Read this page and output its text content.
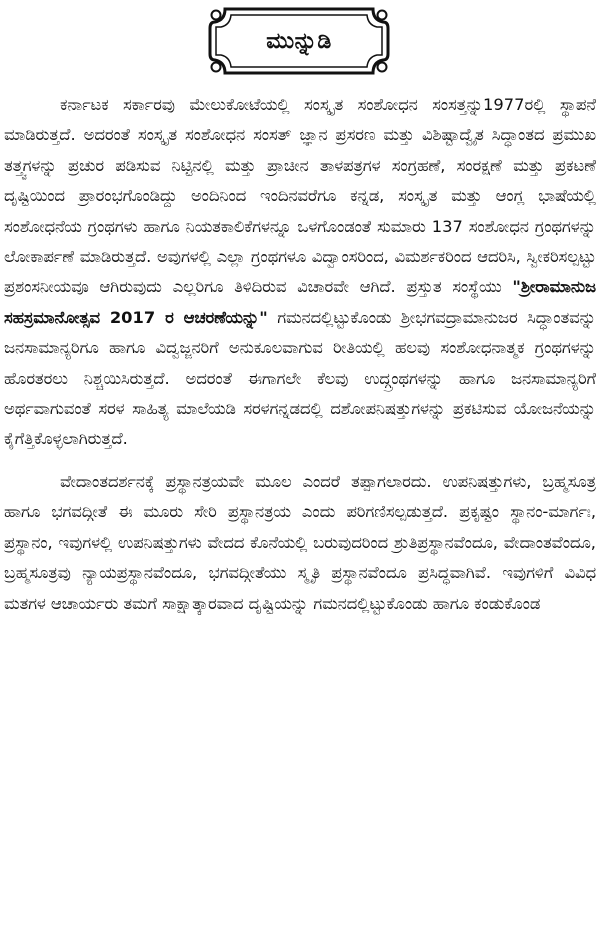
ಮುನ್ನುಡಿ

ಕರ್ನಾಟಕ ಸರ್ಕಾರವು ಮೇಲುಕೋಟೆಯಲ್ಲಿ ಸಂಸ್ಕೃತ ಸಂಶೋಧನ ಸಂಸತ್ತನ್ನು1977ರಲ್ಲಿ ಸ್ಥಾಪನೆ ಮಾಡಿರುತ್ತದೆ. ಅದರಂತೆ ಸಂಸ್ಕೃತ ಸಂಶೋಧನ ಸಂಸತ್ ಜ್ಞಾನ ಪ್ರಸರಣ ಮತ್ತು ವಿಶಿಷ್ಟಾದ್ವೈತ ಸಿದ್ಧಾಂತದ ಪ್ರಮುಖ ತತ್ತ್ವಗಳನ್ನು ಪ್ರಚುರ ಪಡಿಸುವ ನಿಟ್ಟಿನಲ್ಲಿ ಮತ್ತು ಪ್ರಾಚೀನ ತಾಳಪತ್ರಗಳ ಸಂಗ್ರಹಣೆ, ಸಂರಕ್ಷಣೆ ಮತ್ತು ಪ್ರಕಟಣೆ ದೃಷ್ಟಿಯಿಂದ ಪ್ರಾರಂಭಗೊಂಡಿದ್ದು ಅಂದಿನಿಂದ ಇಂದಿನವರೆಗೂ ಕನ್ನಡ, ಸಂಸ್ಕೃತ ಮತ್ತು ಆಂಗ್ಲ ಭಾಷೆಯಲ್ಲಿ ಸಂಶೋಧನೆಯ ಗ್ರಂಥಗಳು ಹಾಗೂ ನಿಯತಕಾಲಿಕೆಗಳನ್ನೂ ಒಳಗೊಂಡಂತೆ ಸುಮಾರು 137 ಸಂಶೋಧನ ಗ್ರಂಥಗಳನ್ನು ಲೋಕಾರ್ಪಣೆ ಮಾಡಿರುತ್ತದೆ. ಅವುಗಳಲ್ಲಿ ಎಲ್ಲಾ ಗ್ರಂಥಗಳೂ ವಿದ್ವಾಂಸರಿಂದ, ವಿಮರ್ಶಕರಿಂದ ಆದರಿಸಿ, ಸ್ವೀಕರಿಸಲ್ಪಟ್ಟು ಪ್ರಶಂಸನೀಯವೂ ಆಗಿರುವುದು ಎಲ್ಲರಿಗೂ ತಿಳಿದಿರುವ ವಿಚಾರವೇ ಆಗಿದೆ. ಪ್ರಸ್ತುತ ಸಂಸ್ಥೆಯು "ಶ್ರೀರಾಮಾನುಜ ಸಹಸ್ರಮಾನೋತ್ಸವ 2017 ರ ಆಚರಣೆಯನ್ನು" ಗಮನದಲ್ಲಿಟ್ಟುಕೊಂಡು ಶ್ರೀಭಗವದ್ರಾಮಾನುಜರ ಸಿದ್ಧಾಂತವನ್ನು ಜನಸಾಮಾನ್ಯರಿಗೂ ಹಾಗೂ ವಿದ್ವಜ್ಜನರಿಗೆ ಅನುಕೂಲವಾಗುವ ರೀತಿಯಲ್ಲಿ ಹಲವು ಸಂಶೋಧನಾತ್ಮಕ ಗ್ರಂಥಗಳನ್ನು ಹೊರತರಲು ನಿಶ್ಚಯಿಸಿರುತ್ತದೆ. ಅದರಂತೆ ಈಗಾಗಲೇ ಕೆಲವು ಉದ್ಗ್ರಂಥಗಳನ್ನು ಹಾಗೂ ಜನಸಾಮಾನ್ಯರಿಗೆ ಅರ್ಥವಾಗುವಂತೆ ಸರಳ ಸಾಹಿತ್ಯ ಮಾಲೆಯಡಿ ಸರಳಗನ್ನಡದಲ್ಲಿ ದಶೋಪನಿಷತ್ತುಗಳನ್ನು ಪ್ರಕಟಿಸುವ ಯೋಜನೆಯನ್ನು ಕೈಗೆತ್ತಿಕೊಳ್ಳಲಾಗಿರುತ್ತದೆ.

ವೇದಾಂತದರ್ಶನಕ್ಕೆ ಪ್ರಸ್ಥಾನತ್ರಯವೇ ಮೂಲ ಎಂದರೆ ತಪ್ಪಾಗಲಾರದು. ಉಪನಿಷತ್ತುಗಳು, ಬ್ರಹ್ಮಸೂತ್ರ ಹಾಗೂ ಭಗವದ್ಗೀತೆ ಈ ಮೂರು ಸೇರಿ ಪ್ರಸ್ಥಾನತ್ರಯ ಎಂದು ಪರಿಗಣಿಸಲ್ಪಡುತ್ತದೆ. ಪ್ರಕೃಷ್ಟಂ ಸ್ಥಾನಂ-ಮಾರ್ಗಃ, ಪ್ರಸ್ಥಾನಂ, ಇವುಗಳಲ್ಲಿ ಉಪನಿಷತ್ತುಗಳು ವೇದದ ಕೊನೆಯಲ್ಲಿ ಬರುವುದರಿಂದ ಶ್ರುತಿಪ್ರಸ್ಥಾನವೆಂದೂ, ವೇದಾಂತವೆಂದೂ, ಬ್ರಹ್ಮಸೂತ್ರವು ನ್ಯಾಯಪ್ರಸ್ಥಾನವೆಂದೂ, ಭಗವದ್ಗೀತೆಯು ಸ್ಮೃತಿ ಪ್ರಸ್ಥಾನವೆಂದೂ ಪ್ರಸಿದ್ಧವಾಗಿವೆ. ಇವುಗಳಿಗೆ ವಿವಿಧ ಮತಗಳ ಆಚಾರ್ಯರು ತಮಗೆ ಸಾಕ್ಷಾತ್ಕಾರವಾದ ದೃಷ್ಟಿಯನ್ನು ಗಮನದಲ್ಲಿಟ್ಟುಕೊಂಡು ಹಾಗೂ ಕಂಡುಕೊಂಡ
